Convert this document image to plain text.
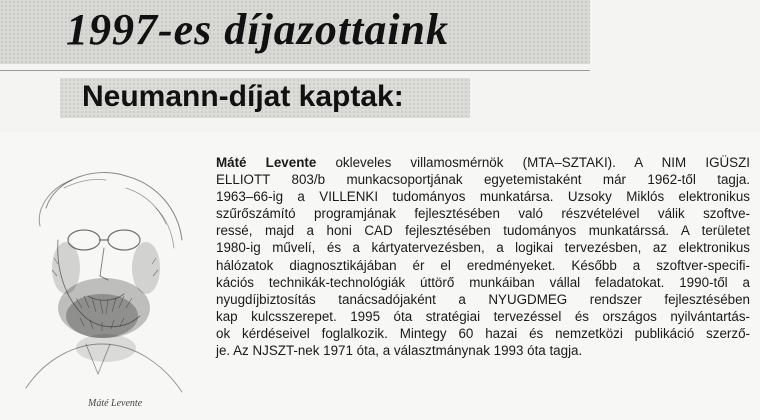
1997-es díjazottaink
Neumann-díjat kaptak:
Máté Levente
Máté Levente okleveles villamosmérnök (MTA–SZTAKI). A NIM IGÜSZI
ELLIOTT 803/b munkacsoportjának egyetemistaként már 1962-től tagja.
1963–66-ig a VILLENKI tudományos munkatársa. Uzsoky Miklós elektronikus
szűrőszámító programjának fejlesztésében való részvételével válik szoftve-
ressé, majd a honi CAD fejlesztésében tudományos munkatárssá. A területet
1980-ig művelí, és a kártyatervezésben, a logikai tervezésben, az elektronikus
hálózatok diagnosztikájában ér el eredményeket. Később a szoftver-specifi-
kációs technikák-technológiák úttörő munkáiban vállal feladatokat. 1990-től a
nyugdíjbiztosítás tanácsadójaként a NYUGDMEG rendszer fejlesztésében
kap kulcsszerepet. 1995 óta stratégiai tervezéssel és országos nyilvántartás-
ok kérdéseivel foglalkozik. Mintegy 60 hazai és nemzetközi publikáció szerző-
je. Az NJSZT-nek 1971 óta, a választmánynak 1993 óta tagja.
